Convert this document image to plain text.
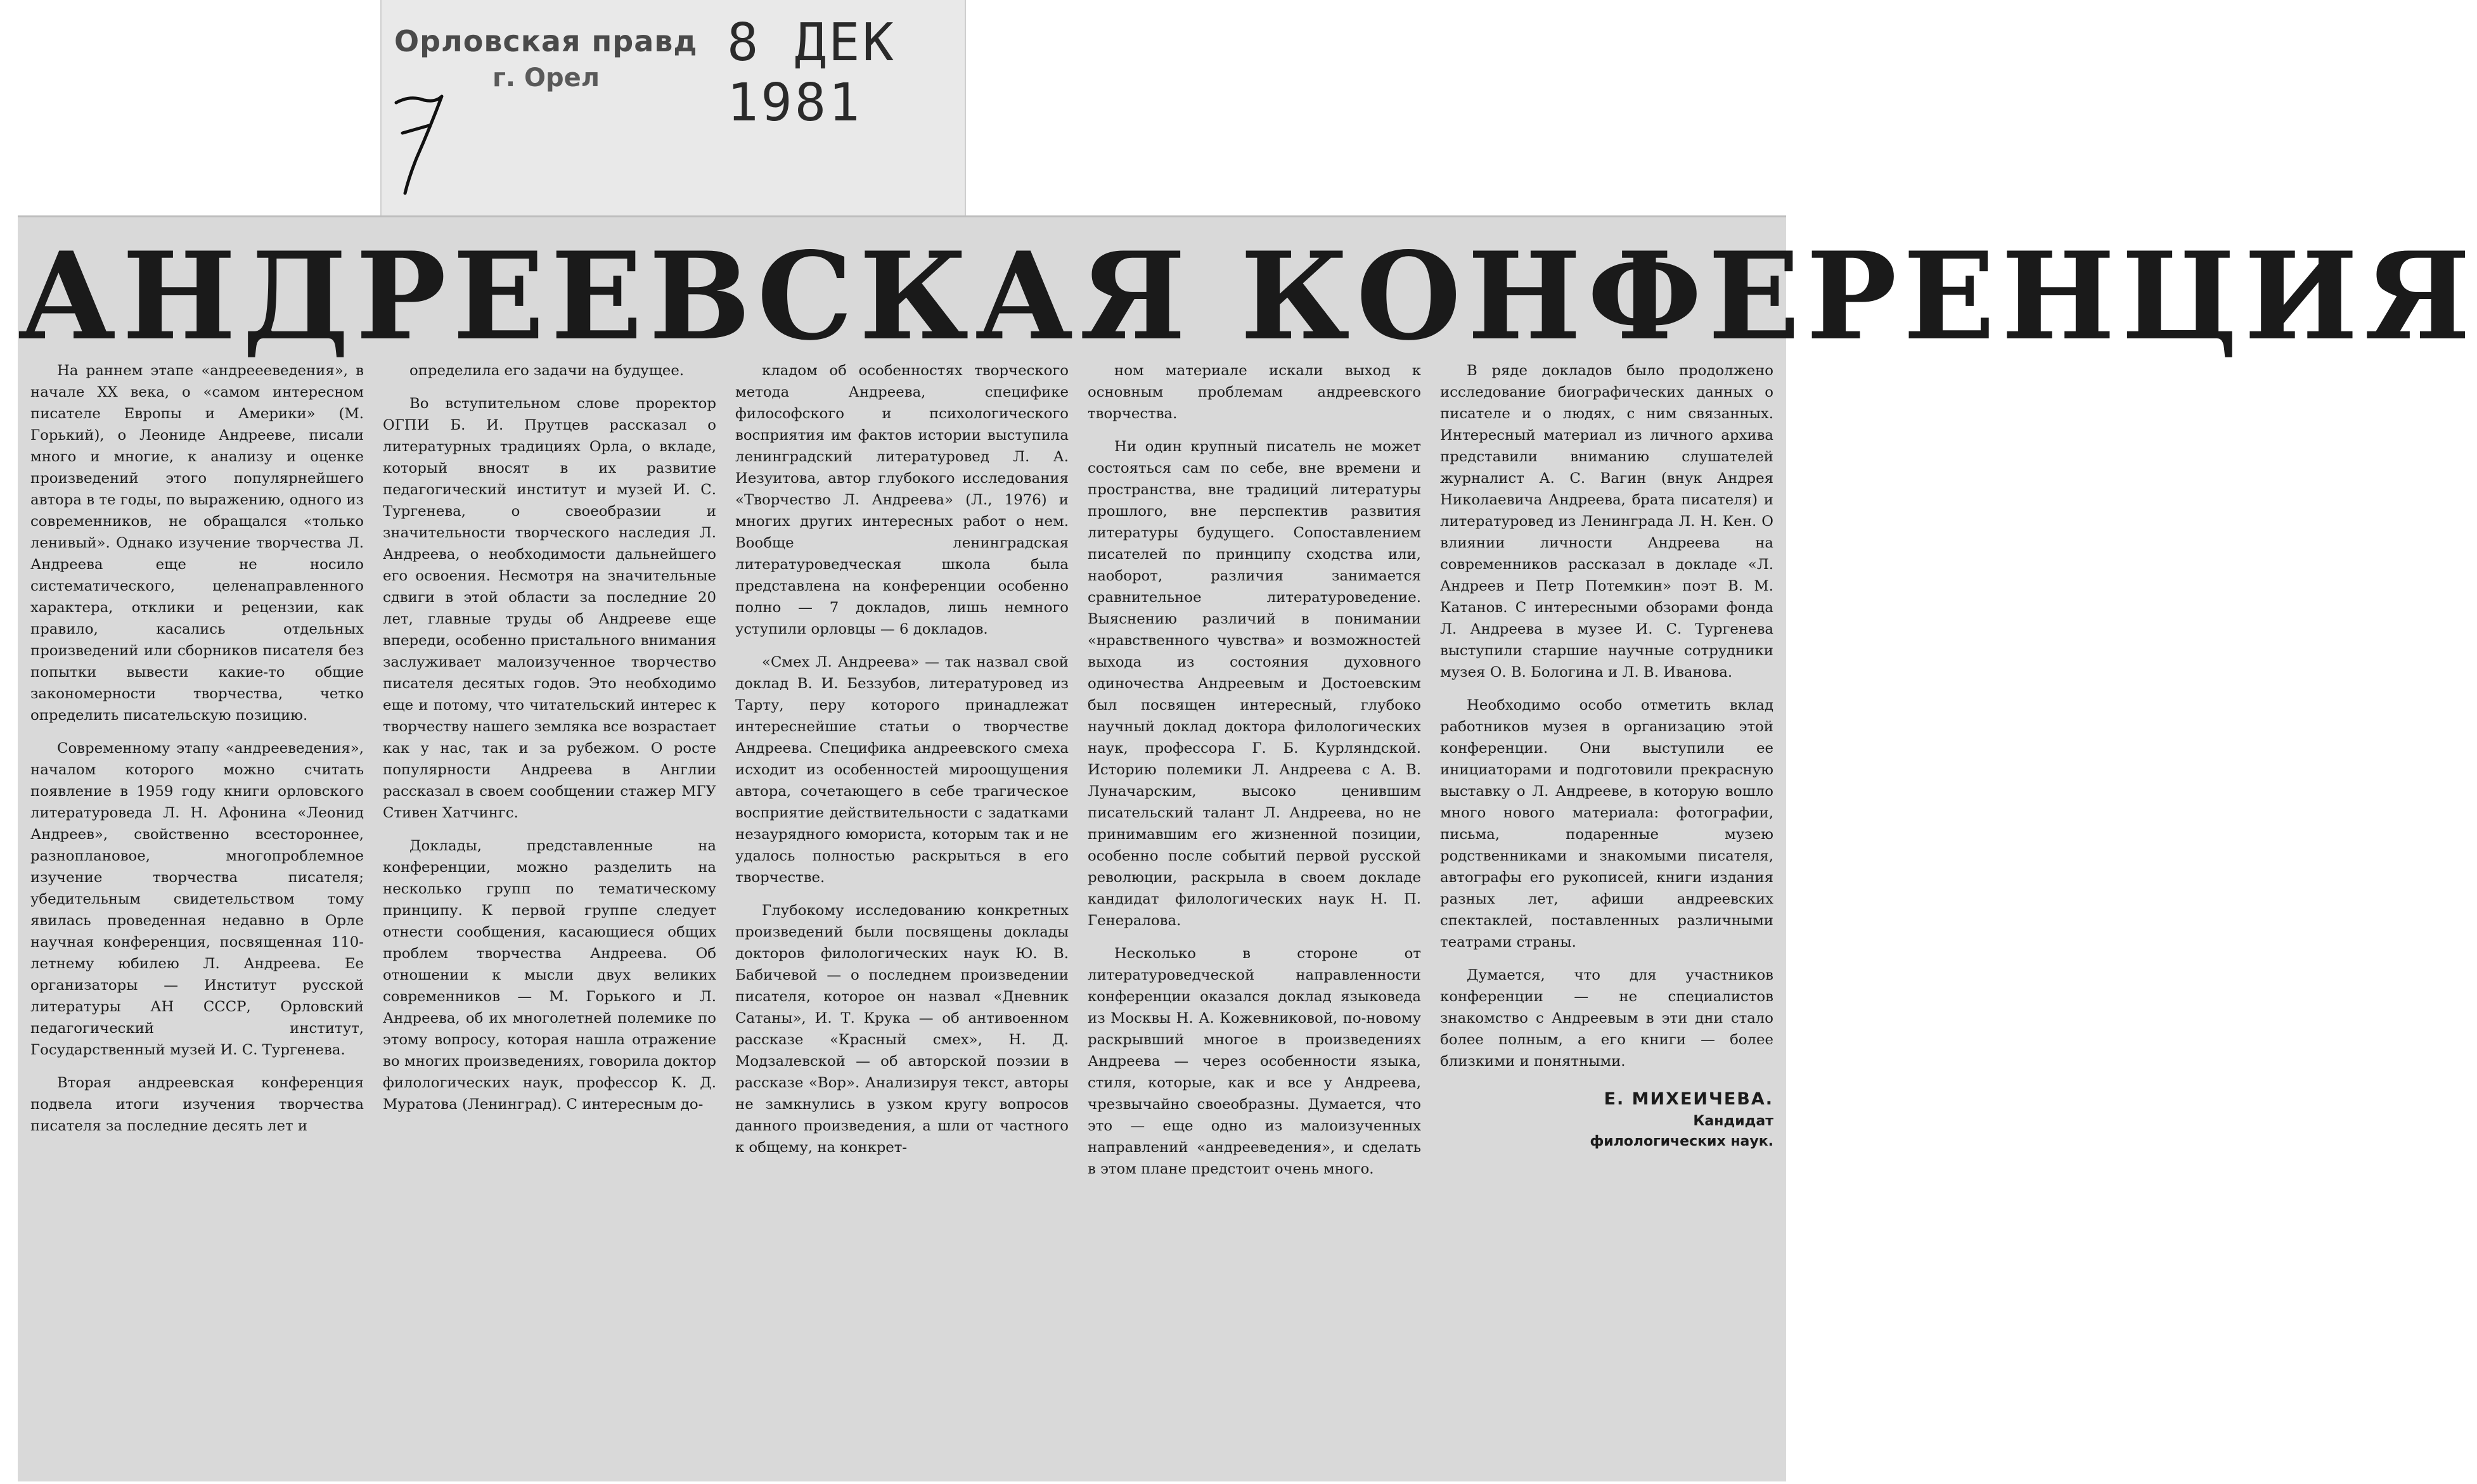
Орловская правд
г. Орел
8 ДЕК 1981
АНДРЕЕВСКАЯ КОНФЕРЕНЦИЯ

На раннем этапе «андреееведения», в начале XX века, о «самом интересном писателе Европы и Америки» (М. Горький), о Леониде Андрееве, писали много и многие, к анализу и оценке произведений этого популярнейшего автора в те годы, по выражению, одного из современников, не обращался «только ленивый». Однако изучение творчества Л. Андреева еще не носило систематического, целенаправленного характера, отклики и рецензии, как правило, касались отдельных произведений или сборников писателя без попытки вывести какие-то общие закономерности творчества, четко определить писательскую позицию.

Современному этапу «андрееведения», началом которого можно считать появление в 1959 году книги орловского литературоведа Л. Н. Афонина «Леонид Андреев», свойственно всестороннее, разноплановое, многопроблемное изучение творчества писателя; убедительным свидетельством тому явилась проведенная недавно в Орле научная конференция, посвященная 110-летнему юбилею Л. Андреева. Ее организаторы — Институт русской литературы АН СССР, Орловский педагогический институт, Государственный музей И. С. Тургенева.

Вторая андреевская конференция подвела итоги изучения творчества писателя за последние десять лет и

определила его задачи на будущее.

Во вступительном слове проректор ОГПИ Б. И. Прутцев рассказал о литературных традициях Орла, о вкладе, который вносят в их развитие педагогический институт и музей И. С. Тургенева, о своеобразии и значительности творческого наследия Л. Андреева, о необходимости дальнейшего его освоения. Несмотря на значительные сдвиги в этой области за последние 20 лет, главные труды об Андрееве еще впереди, особенно пристального внимания заслуживает малоизученное творчество писателя десятых годов. Это необходимо еще и потому, что читательский интерес к творчеству нашего земляка все возрастает как у нас, так и за рубежом. О росте популярности Андреева в Англии рассказал в своем сообщении стажер МГУ Стивен Хатчингс.

Доклады, представленные на конференции, можно разделить на несколько групп по тематическому принципу. К первой группе следует отнести сообщения, касающиеся общих проблем творчества Андреева. Об отношении к мысли двух великих современников — М. Горького и Л. Андреева, об их многолетней полемике по этому вопросу, которая нашла отражение во многих произведениях, говорила доктор филологических наук, профессор К. Д. Муратова (Ленинград). С интересным до-

кладом об особенностях творческого метода Андреева, специфике философского и психологического восприятия им фактов истории выступила ленинградский литературовед Л. А. Иезуитова, автор глубокого исследования «Творчество Л. Андреева» (Л., 1976) и многих других интересных работ о нем. Вообще ленинградская литературоведческая школа была представлена на конференции особенно полно — 7 докладов, лишь немного уступили орловцы — 6 докладов.

«Смех Л. Андреева» — так назвал свой доклад В. И. Беззубов, литературовед из Тарту, перу которого принадлежат интереснейшие статьи о творчестве Андреева. Специфика андреевского смеха исходит из особенностей мироощущения автора, сочетающего в себе трагическое восприятие действительности с задатками незаурядного юмориста, которым так и не удалось полностью раскрыться в его творчестве.

Глубокому исследованию конкретных произведений были посвящены доклады докторов филологических наук Ю. В. Бабичевой — о последнем произведении писателя, которое он назвал «Дневник Сатаны», И. Т. Крука — об антивоенном рассказе «Красный смех», Н. Д. Модзалевской — об авторской поэзии в рассказе «Вор». Анализируя текст, авторы не замкнулись в узком кругу вопросов данного произведения, а шли от частного к общему, на конкрет-

ном материале искали выход к основным проблемам андреевского творчества.

Ни один крупный писатель не может состояться сам по себе, вне времени и пространства, вне традиций литературы прошлого, вне перспектив развития литературы будущего. Сопоставлением писателей по принципу сходства или, наоборот, различия занимается сравнительное литературоведение. Выяснению различий в понимании «нравственного чувства» и возможностей выхода из состояния духовного одиночества Андреевым и Достоевским был посвящен интересный, глубоко научный доклад доктора филологических наук, профессора Г. Б. Курляндской. Историю полемики Л. Андреева с А. В. Луначарским, высоко ценившим писательский талант Л. Андреева, но не принимавшим его жизненной позиции, особенно после событий первой русской революции, раскрыла в своем докладе кандидат филологических наук Н. П. Генералова.

Несколько в стороне от литературоведческой направленности конференции оказался доклад языковеда из Москвы Н. А. Кожевниковой, по-новому раскрывший многое в произведениях Андреева — через особенности языка, стиля, которые, как и все у Андреева, чрезвычайно своеобразны. Думается, что это — еще одно из малоизученных направлений «андрееведения», и сделать в этом плане предстоит очень много.

В ряде докладов было продолжено исследование биографических данных о писателе и о людях, с ним связанных. Интересный материал из личного архива представили вниманию слушателей журналист А. С. Вагин (внук Андрея Николаевича Андреева, брата писателя) и литературовед из Ленинграда Л. Н. Кен. О влиянии личности Андреева на современников рассказал в докладе «Л. Андреев и Петр Потемкин» поэт В. М. Катанов. С интересными обзорами фонда Л. Андреева в музее И. С. Тургенева выступили старшие научные сотрудники музея О. В. Бологина и Л. В. Иванова.

Необходимо особо отметить вклад работников музея в организацию этой конференции. Они выступили ее инициаторами и подготовили прекрасную выставку о Л. Андрееве, в которую вошло много нового материала: фотографии, письма, подаренные музею родственниками и знакомыми писателя, автографы его рукописей, книги издания разных лет, афиши андреевских спектаклей, поставленных различными театрами страны.

Думается, что для участников конференции — не специалистов знакомство с Андреевым в эти дни стало более полным, а его книги — более близкими и понятными.

Е. МИХЕИЧЕВА.
Кандидат
филологических наук.
